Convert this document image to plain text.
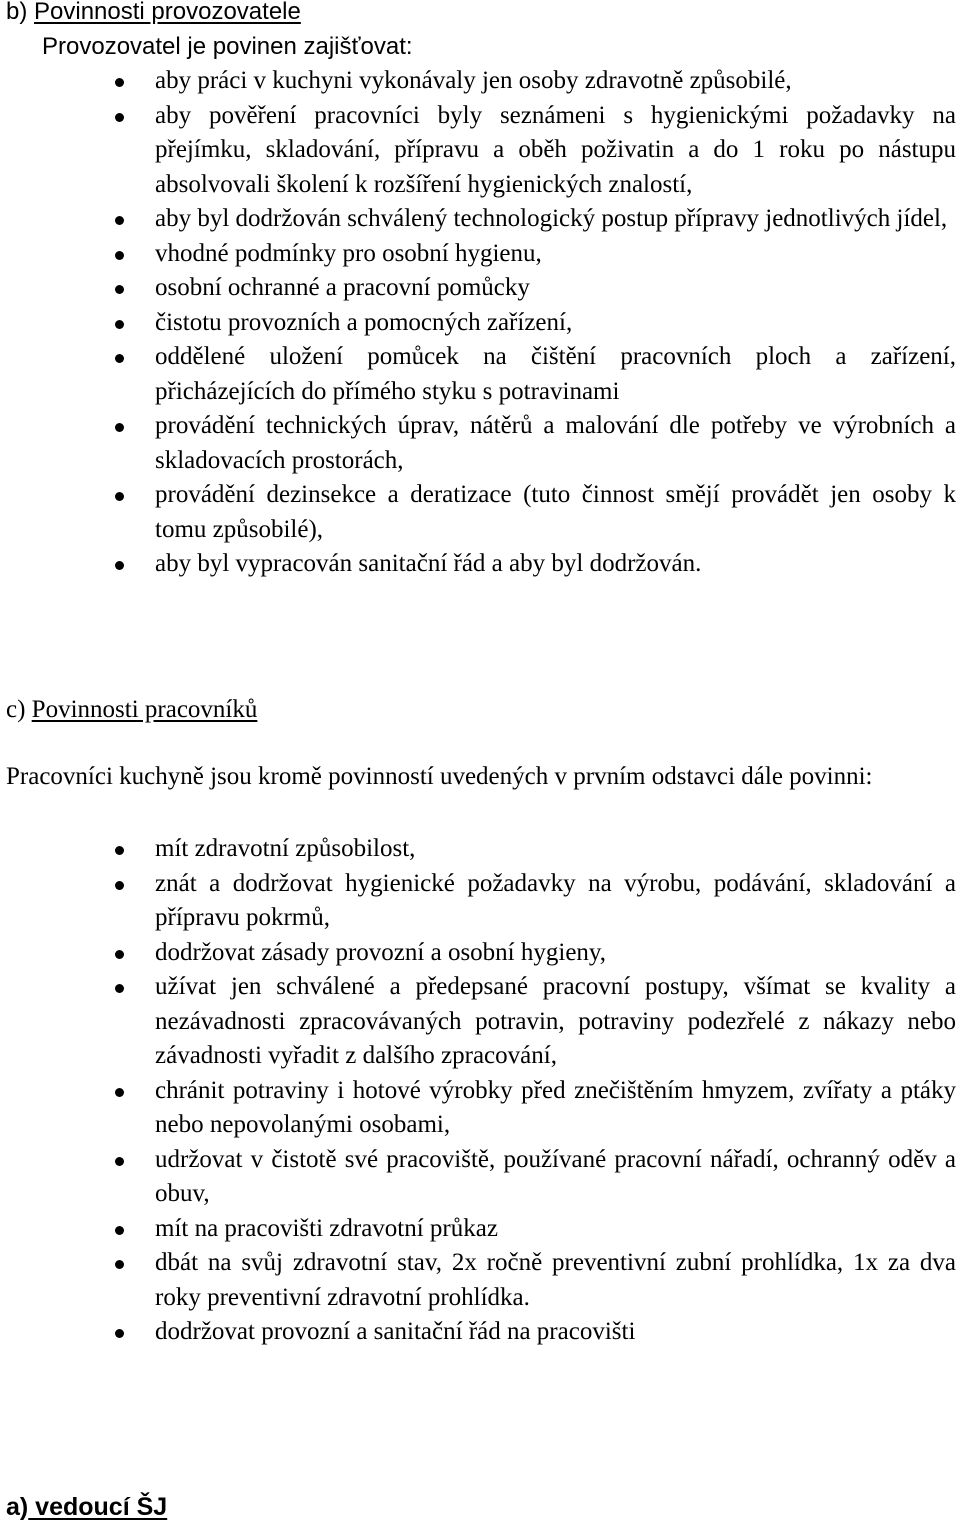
b) Povinnosti provozovatele
Provozovatel je povinen zajišťovat:
aby práci v kuchyni vykonávaly jen osoby zdravotně způsobilé,
aby pověření pracovníci byly seznámeni s hygienickými požadavky na přejímku, skladování, přípravu a oběh poživatin a do 1 roku po nástupu absolvovali školení k rozšíření hygienických znalostí,
aby byl dodržován schválený technologický postup přípravy jednotlivých jídel,
vhodné podmínky pro osobní hygienu,
osobní ochranné a pracovní pomůcky
čistotu provozních a pomocných zařízení,
oddělené uložení pomůcek na čištění pracovních ploch a zařízení, přicházejících do přímého styku s potravinami
provádění technických úprav, nátěrů a malování dle potřeby ve výrobních a skladovacích prostorách,
provádění dezinsekce a deratizace (tuto činnost smějí provádět jen osoby k tomu způsobilé),
aby byl vypracován sanitační řád a aby byl dodržován.
c) Povinnosti pracovníků
Pracovníci kuchyně jsou kromě povinností uvedených v prvním odstavci dále povinni:
mít zdravotní způsobilost,
znát a dodržovat hygienické požadavky na výrobu, podávání, skladování a přípravu pokrmů,
dodržovat zásady provozní a osobní hygieny,
užívat jen schválené a předepsané pracovní postupy, všímat se kvality a nezávadnosti zpracovávaných potravin, potraviny podezřelé z nákazy nebo závadnosti vyřadit z dalšího zpracování,
chránit potraviny i hotové výrobky před znečištěním hmyzem, zvířaty a ptáky nebo nepovolanými osobami,
udržovat v čistotě své pracoviště, používané pracovní nářadí, ochranný oděv a obuv,
mít na pracovišti zdravotní průkaz
dbát na svůj zdravotní stav, 2x ročně preventivní zubní prohlídka, 1x za dva roky preventivní zdravotní prohlídka.
dodržovat provozní a sanitační řád na pracovišti
a) vedoucí ŠJ
